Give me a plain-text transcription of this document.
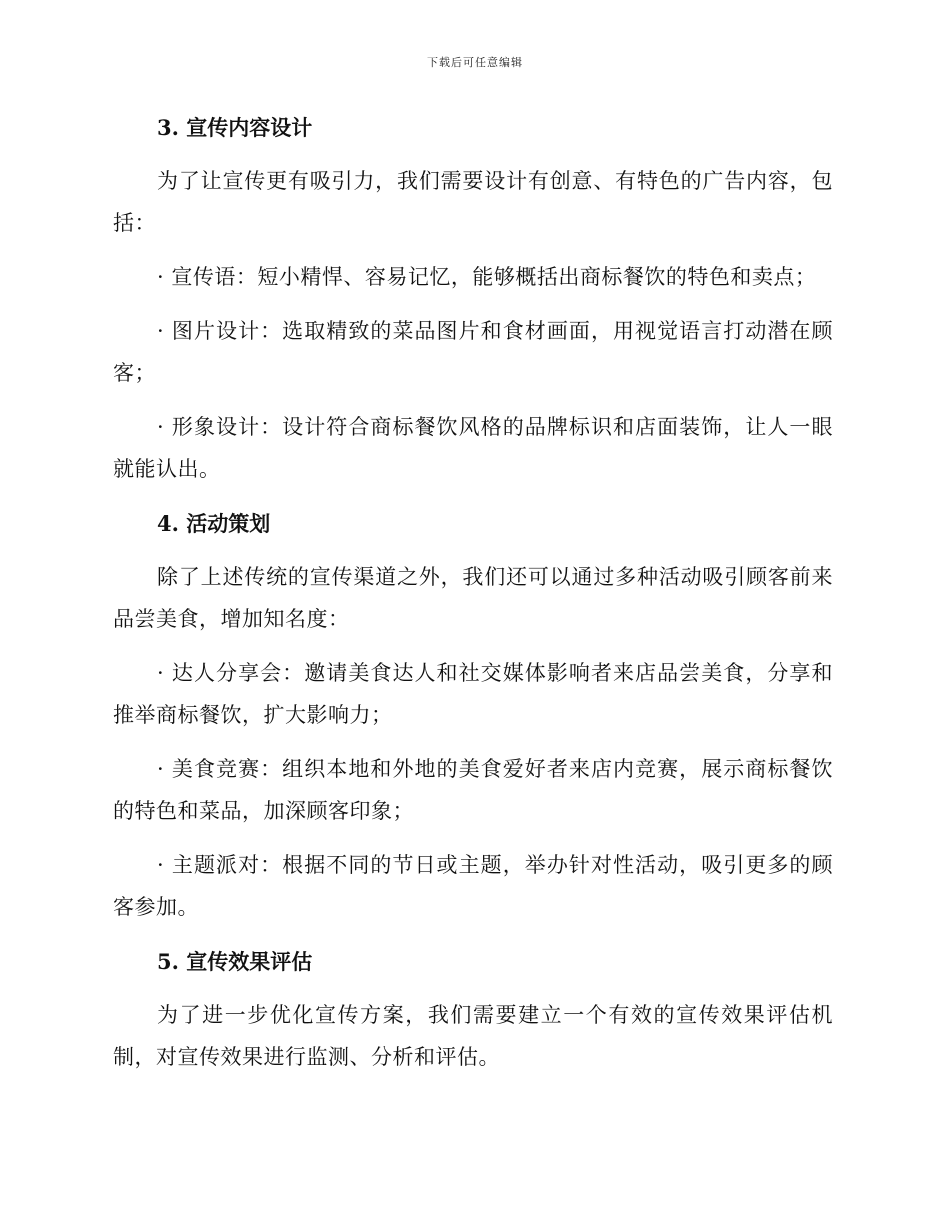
下载后可任意编辑
3. 宣传内容设计

为了让宣传更有吸引力，我们需要设计有创意、有特色的广告内容，包括：

· 宣传语：短小精悍、容易记忆，能够概括出商标餐饮的特色和卖点；

· 图片设计：选取精致的菜品图片和食材画面，用视觉语言打动潜在顾客；

· 形象设计：设计符合商标餐饮风格的品牌标识和店面装饰，让人一眼就能认出。

4. 活动策划

除了上述传统的宣传渠道之外，我们还可以通过多种活动吸引顾客前来品尝美食，增加知名度：

· 达人分享会：邀请美食达人和社交媒体影响者来店品尝美食，分享和推举商标餐饮，扩大影响力；

· 美食竞赛：组织本地和外地的美食爱好者来店内竞赛，展示商标餐饮的特色和菜品，加深顾客印象；

· 主题派对：根据不同的节日或主题，举办针对性活动，吸引更多的顾客参加。

5. 宣传效果评估

为了进一步优化宣传方案，我们需要建立一个有效的宣传效果评估机制，对宣传效果进行监测、分析和评估。
